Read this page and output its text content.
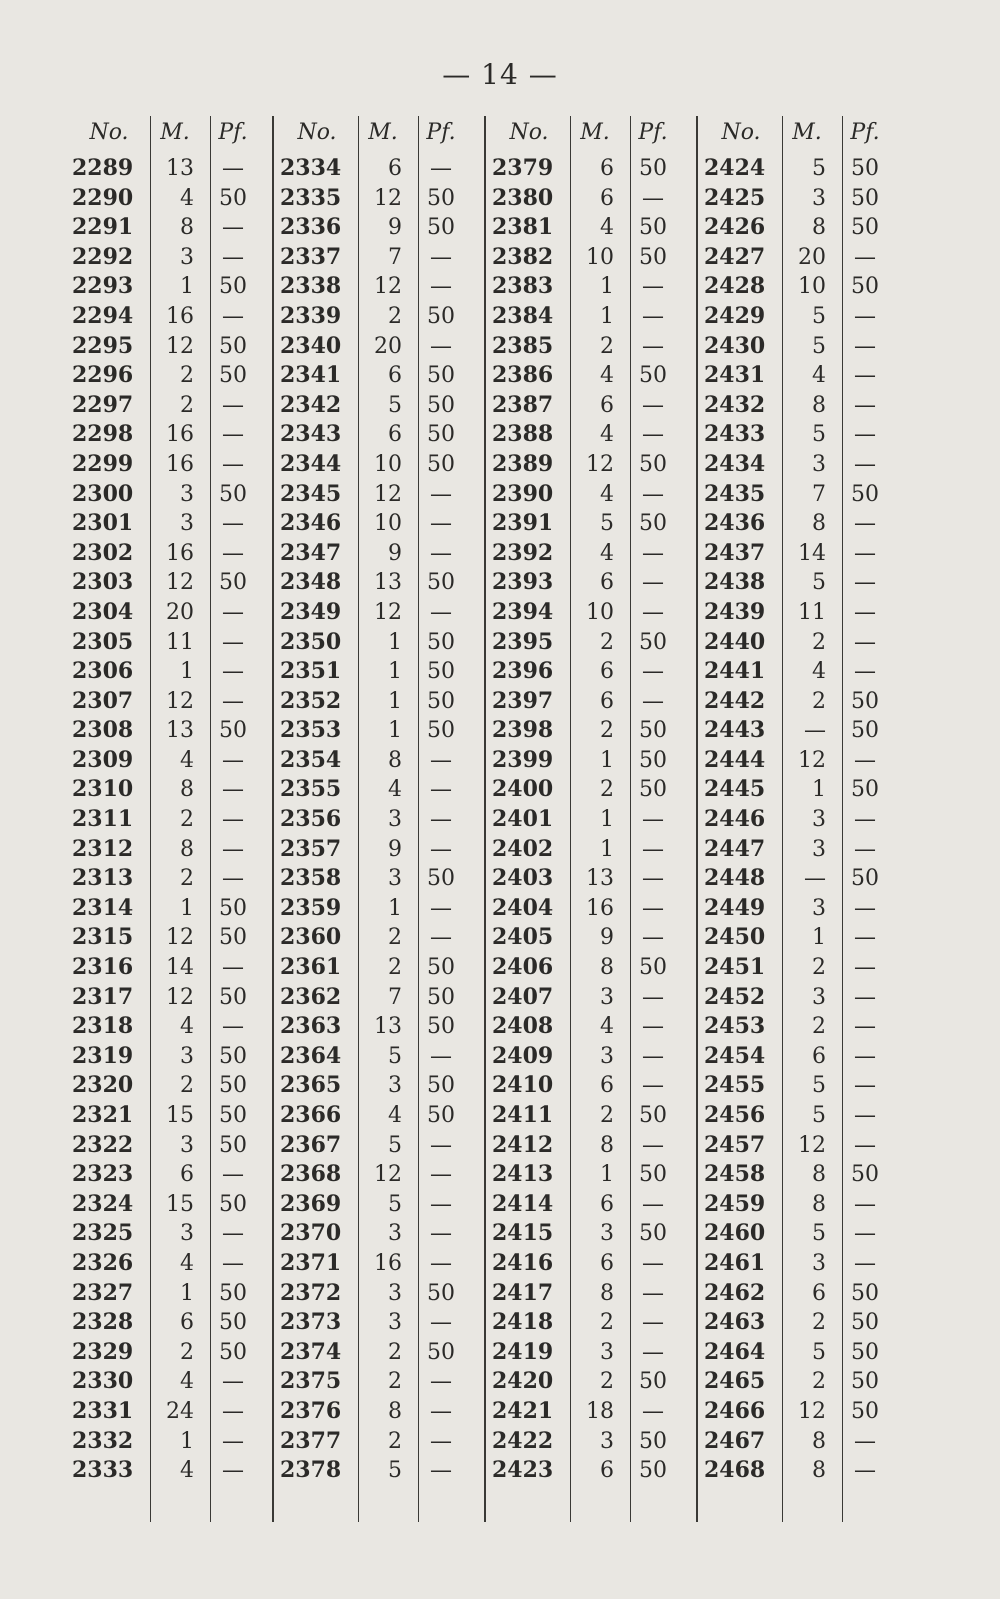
— 14 —
No.
2289
2290
2291
2292
2293
2294
2295
2296
2297
2298
2299
2300
2301
2302
2303
2304
2305
2306
2307
2308
2309
2310
2311
2312
2313
2314
2315
2316
2317
2318
2319
2320
2321
2322
2323
2324
2325
2326
2327
2328
2329
2330
2331
2332
2333
M.
13
4
8
3
1
16
12
2
2
16
16
3
3
16
12
20
11
1
12
13
4
8
2
8
2
1
12
14
12
4
3
2
15
3
6
15
3
4
1
6
2
4
24
1
4
Pf.
—
50
—
—
50
—
50
50
—
—
—
50
—
—
50
—
—
—
—
50
—
—
—
—
—
50
50
—
50
—
50
50
50
50
—
50
—
—
50
50
50
—
—
—
—
No.
2334
2335
2336
2337
2338
2339
2340
2341
2342
2343
2344
2345
2346
2347
2348
2349
2350
2351
2352
2353
2354
2355
2356
2357
2358
2359
2360
2361
2362
2363
2364
2365
2366
2367
2368
2369
2370
2371
2372
2373
2374
2375
2376
2377
2378
M.
6
12
9
7
12
2
20
6
5
6
10
12
10
9
13
12
1
1
1
1
8
4
3
9
3
1
2
2
7
13
5
3
4
5
12
5
3
16
3
3
2
2
8
2
5
Pf.
—
50
50
—
—
50
—
50
50
50
50
—
—
—
50
—
50
50
50
50
—
—
—
—
50
—
—
50
50
50
—
50
50
—
—
—
—
—
50
—
50
—
—
—
—
No.
2379
2380
2381
2382
2383
2384
2385
2386
2387
2388
2389
2390
2391
2392
2393
2394
2395
2396
2397
2398
2399
2400
2401
2402
2403
2404
2405
2406
2407
2408
2409
2410
2411
2412
2413
2414
2415
2416
2417
2418
2419
2420
2421
2422
2423
M.
6
6
4
10
1
1
2
4
6
4
12
4
5
4
6
10
2
6
6
2
1
2
1
1
13
16
9
8
3
4
3
6
2
8
1
6
3
6
8
2
3
2
18
3
6
Pf.
50
—
50
50
—
—
—
50
—
—
50
—
50
—
—
—
50
—
—
50
50
50
—
—
—
—
—
50
—
—
—
—
50
—
50
—
50
—
—
—
—
50
—
50
50
No.
2424
2425
2426
2427
2428
2429
2430
2431
2432
2433
2434
2435
2436
2437
2438
2439
2440
2441
2442
2443
2444
2445
2446
2447
2448
2449
2450
2451
2452
2453
2454
2455
2456
2457
2458
2459
2460
2461
2462
2463
2464
2465
2466
2467
2468
M.
5
3
8
20
10
5
5
4
8
5
3
7
8
14
5
11
2
4
2
—
12
1
3
3
—
3
1
2
3
2
6
5
5
12
8
8
5
3
6
2
5
2
12
8
8
Pf.
50
50
50
—
50
—
—
—
—
—
—
50
—
—
—
—
—
—
50
50
—
50
—
—
50
—
—
—
—
—
—
—
—
—
50
—
—
—
50
50
50
50
50
—
—
